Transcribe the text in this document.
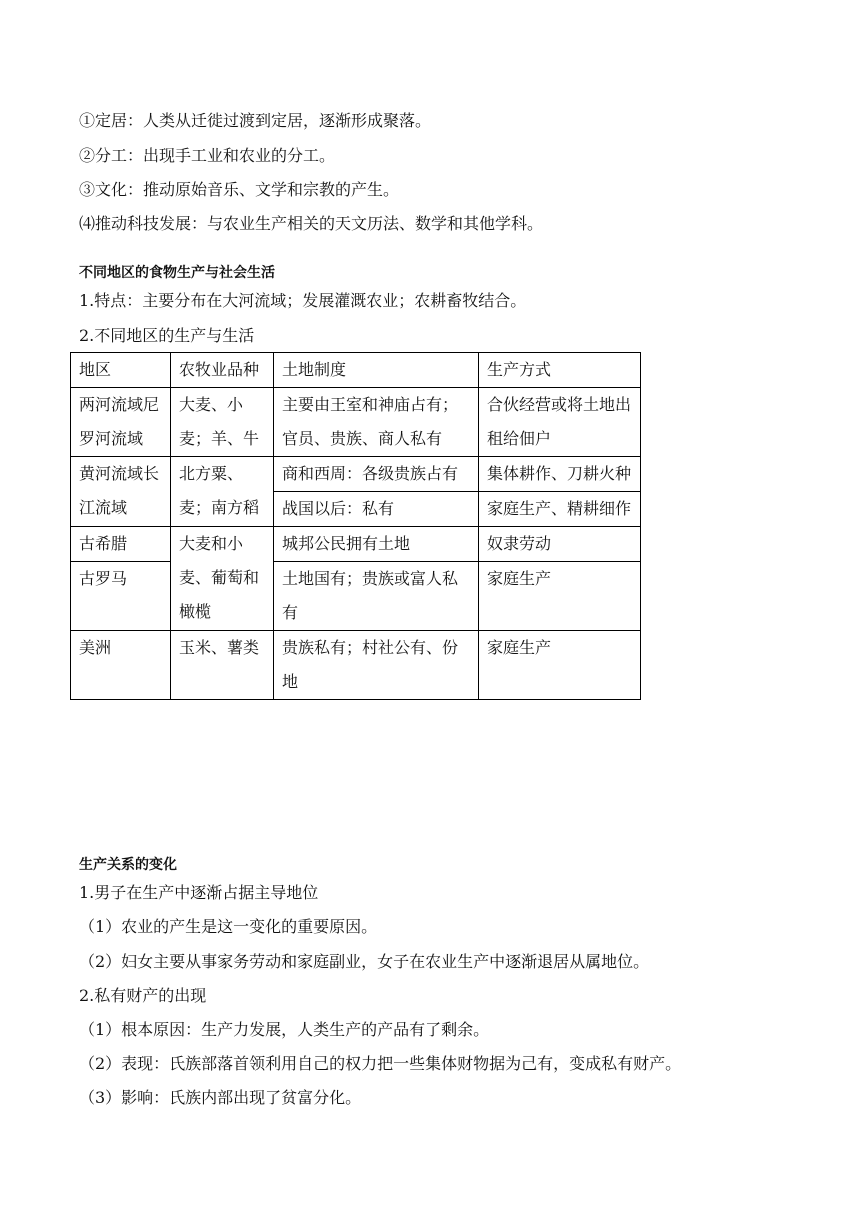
①定居：人类从迁徙过渡到定居，逐渐形成聚落。
②分工：出现手工业和农业的分工。
③文化：推动原始音乐、文学和宗教的产生。
⑷推动科技发展：与农业生产相关的天文历法、数学和其他学科。
不同地区的食物生产与社会生活
1.特点：主要分布在大河流域；发展灌溉农业；农耕畜牧结合。
2.不同地区的生产与生活
地区	农牧业品种	土地制度	生产方式
两河流域尼罗河流域	大麦、小麦；羊、牛	主要由王室和神庙占有；官员、贵族、商人私有	合伙经营或将土地出租给佃户
黄河流域长江流域	北方粟、麦；南方稻	商和西周：各级贵族占有	集体耕作、刀耕火种
		战国以后：私有	家庭生产、精耕细作
古希腊	大麦和小麦、葡萄和橄榄	城邦公民拥有土地	奴隶劳动
古罗马		土地国有；贵族或富人私有	家庭生产
美洲	玉米、薯类	贵族私有；村社公有、份地	家庭生产
生产关系的变化
1.男子在生产中逐渐占据主导地位
（1）农业的产生是这一变化的重要原因。
（2）妇女主要从事家务劳动和家庭副业，女子在农业生产中逐渐退居从属地位。
2.私有财产的出现
（1）根本原因：生产力发展，人类生产的产品有了剩余。
（2）表现：氏族部落首领利用自己的权力把一些集体财物据为己有，变成私有财产。
（3）影响：氏族内部出现了贫富分化。
